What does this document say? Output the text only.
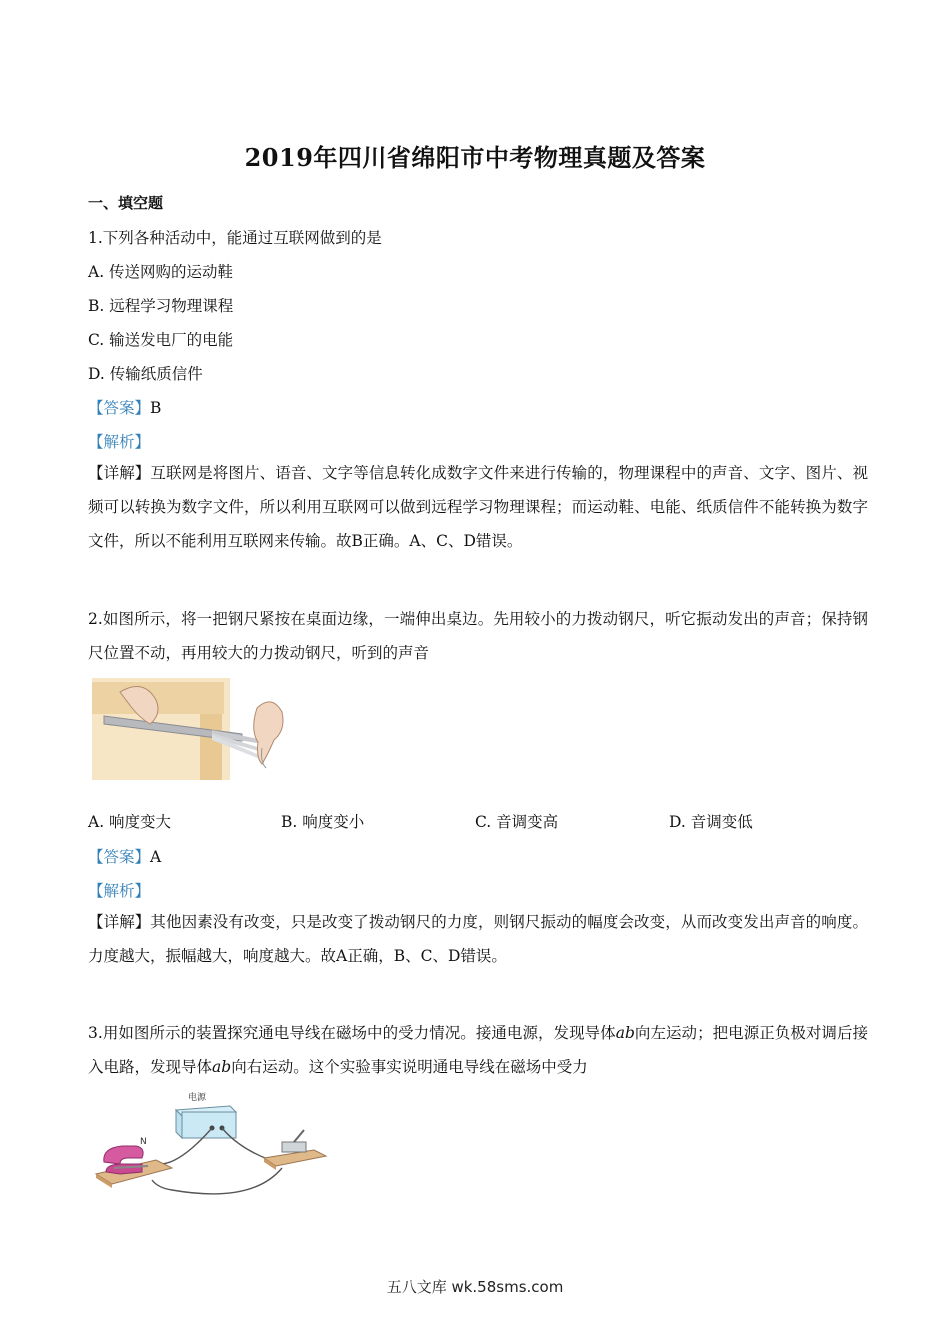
2019年四川省绵阳市中考物理真题及答案
一、填空题
1.下列各种活动中，能通过互联网做到的是
A. 传送网购的运动鞋
B. 远程学习物理课程
C. 输送发电厂的电能
D. 传输纸质信件
【答案】B
【解析】
【详解】互联网是将图片、语音、文字等信息转化成数字文件来进行传输的，物理课程中的声音、文字、图片、视频可以转换为数字文件，所以利用互联网可以做到远程学习物理课程；而运动鞋、电能、纸质信件不能转换为数字文件，所以不能利用互联网来传输。故B正确。A、C、D错误。
2.如图所示，将一把钢尺紧按在桌面边缘，一端伸出桌边。先用较小的力拨动钢尺，听它振动发出的声音；保持钢尺位置不动，再用较大的力拨动钢尺，听到的声音
A. 响度变大	B. 响度变小	C. 音调变高	D. 音调变低
【答案】A
【解析】
【详解】其他因素没有改变，只是改变了拨动钢尺的力度，则钢尺振动的幅度会改变，从而改变发出声音的响度。力度越大，振幅越大，响度越大。故A正确，B、C、D错误。
3.用如图所示的装置探究通电导线在磁场中的受力情况。接通电源，发现导体ab向左运动；把电源正负极对调后接入电路，发现导体ab向右运动。这个实验事实说明通电导线在磁场中受力
电源
N
五八文库 wk.58sms.com
